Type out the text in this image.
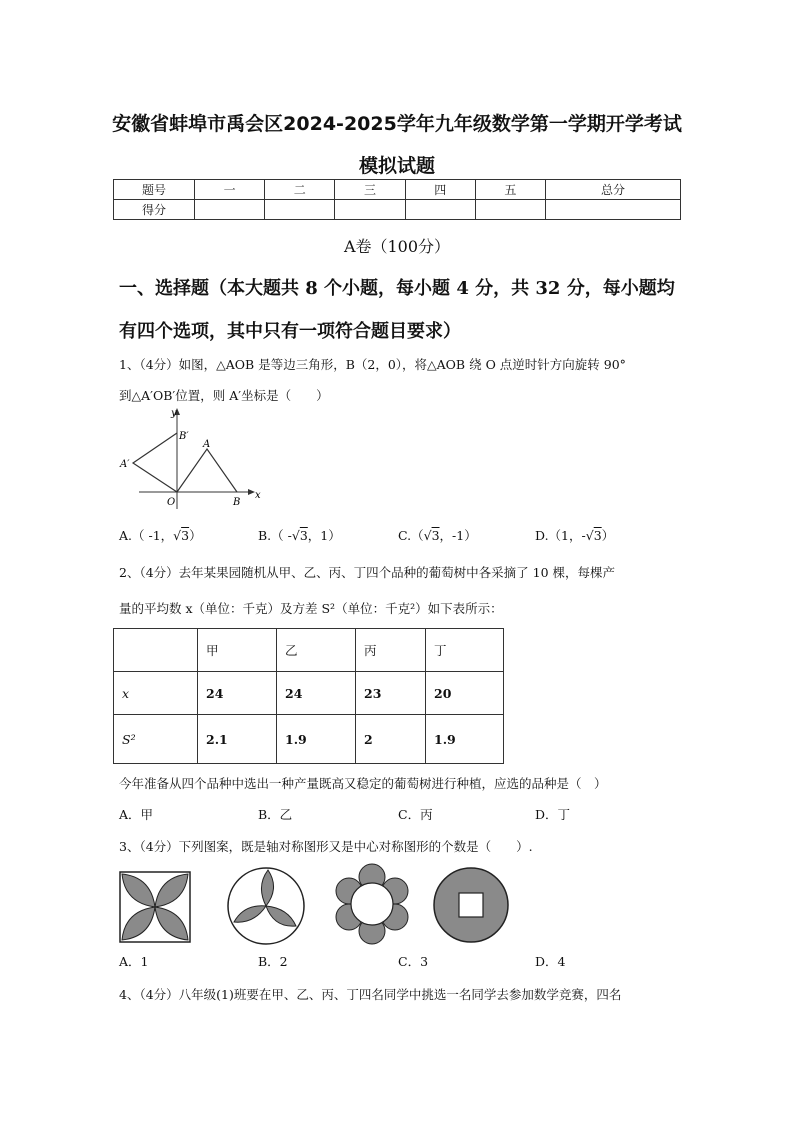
安徽省蚌埠市禹会区2024-2025学年九年级数学第一学期开学考试
模拟试题
题号	一	二	三	四	五	总分
得分						
A卷（100分）
一、选择题（本大题共 8 个小题，每小题 4 分，共 32 分，每小题均
有四个选项，其中只有一项符合题目要求）
1、（4分）如图，△AOB 是等边三角形，B（2，0），将△AOB 绕 O 点逆时针方向旋转 90°
到△A′OB′位置，则 A′坐标是（　　）
y
x
B′
A
A′
O	B
A.（ -1，√3）	B.（ -√3，1）	C.（√3，-1）	D.（1，-√3）
2、（4分）去年某果园随机从甲、乙、丙、丁四个品种的葡萄树中各采摘了 10 棵，每棵产
量的平均数 x（单位：千克）及方差 S²（单位：千克²）如下表所示：
	甲	乙	丙	丁
x	24	24	23	20
S²	2.1	1.9	2	1.9
今年准备从四个品种中选出一种产量既高又稳定的葡萄树进行种植，应选的品种是（　）
A．甲	B．乙	C．丙	D．丁
3、（4分）下列图案，既是轴对称图形又是中心对称图形的个数是（　　）.
A．1	B．2	C．3	D．4
4、（4分）八年级(1)班要在甲、乙、丙、丁四名同学中挑选一名同学去参加数学竞赛，四名
